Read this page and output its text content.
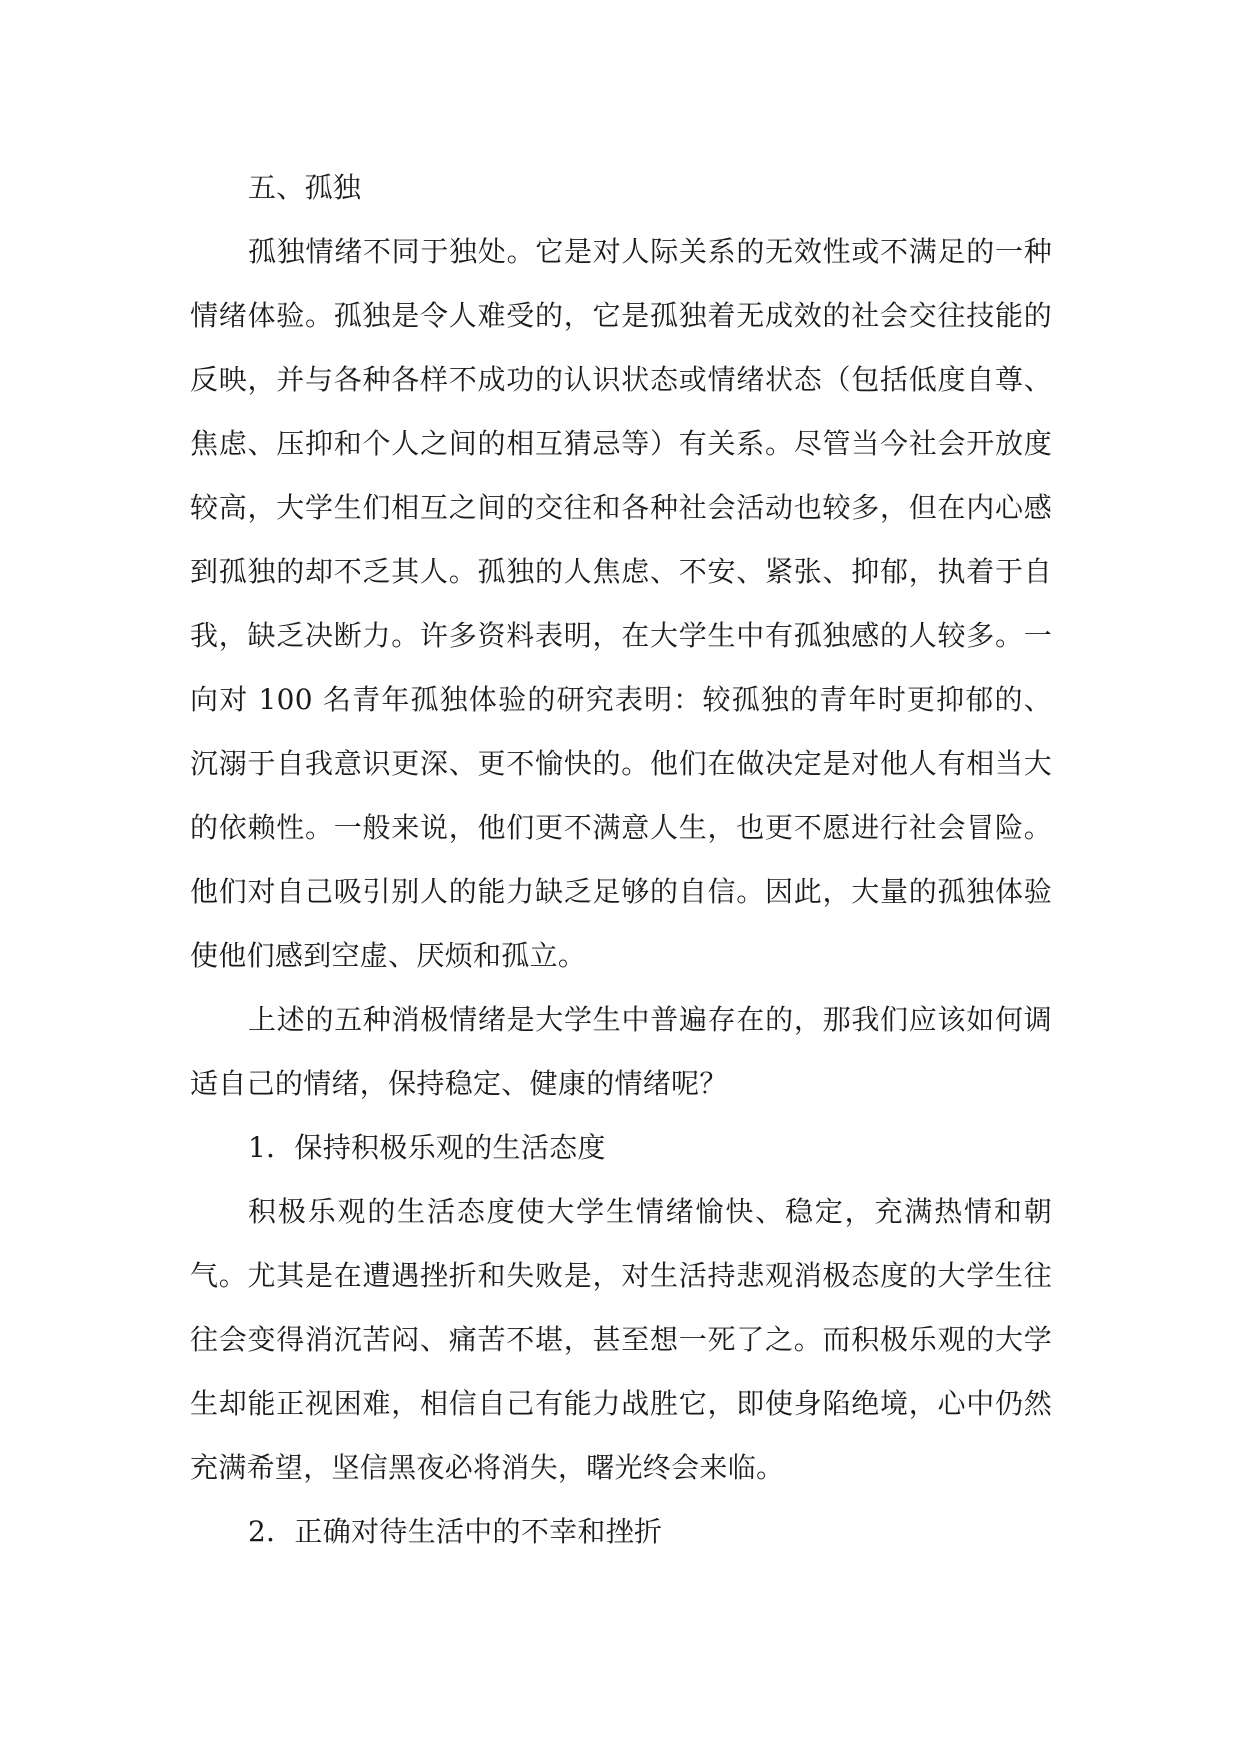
五、孤独

孤独情绪不同于独处。它是对人际关系的无效性或不满足的一种情绪体验。孤独是令人难受的，它是孤独着无成效的社会交往技能的反映，并与各种各样不成功的认识状态或情绪状态（包括低度自尊、焦虑、压抑和个人之间的相互猜忌等）有关系。尽管当今社会开放度较高，大学生们相互之间的交往和各种社会活动也较多，但在内心感到孤独的却不乏其人。孤独的人焦虑、不安、紧张、抑郁，执着于自我，缺乏决断力。许多资料表明，在大学生中有孤独感的人较多。一向对 100 名青年孤独体验的研究表明：较孤独的青年时更抑郁的、沉溺于自我意识更深、更不愉快的。他们在做决定是对他人有相当大的依赖性。一般来说，他们更不满意人生，也更不愿进行社会冒险。他们对自己吸引别人的能力缺乏足够的自信。因此，大量的孤独体验使他们感到空虚、厌烦和孤立。

上述的五种消极情绪是大学生中普遍存在的，那我们应该如何调适自己的情绪，保持稳定、健康的情绪呢？

1．保持积极乐观的生活态度

积极乐观的生活态度使大学生情绪愉快、稳定，充满热情和朝气。尤其是在遭遇挫折和失败是，对生活持悲观消极态度的大学生往往会变得消沉苦闷、痛苦不堪，甚至想一死了之。而积极乐观的大学生却能正视困难，相信自己有能力战胜它，即使身陷绝境，心中仍然充满希望，坚信黑夜必将消失，曙光终会来临。

2．正确对待生活中的不幸和挫折
